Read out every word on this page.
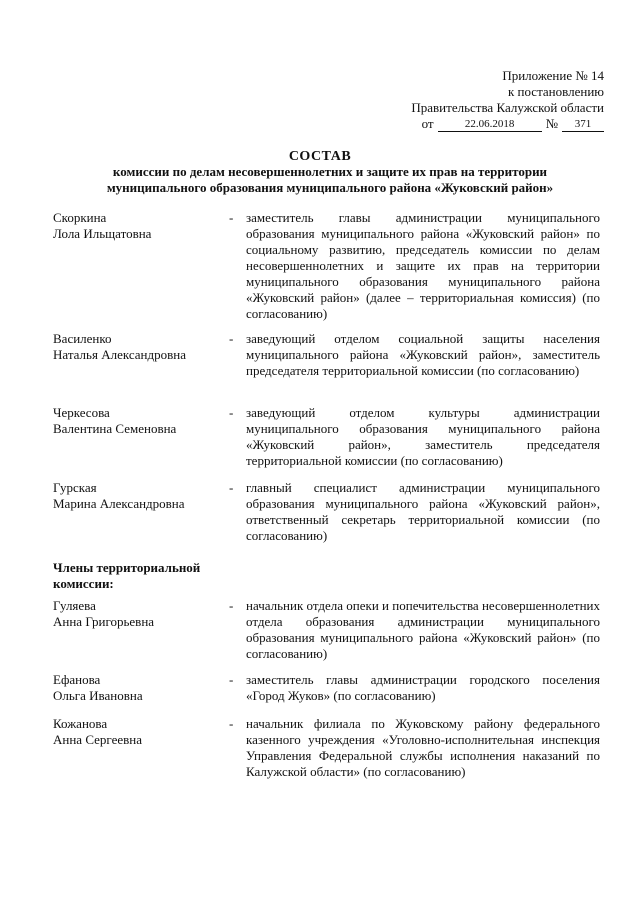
Приложение № 14
к постановлению
Правительства Калужской области
от	22.06.2018	№	371
СОСТАВ
комиссии по делам несовершеннолетних и защите их прав на территории
муниципального образования муниципального района «Жуковский район»
Скоркина
Лола Ильщатовна
- заместитель главы администрации муниципального образования муниципального района «Жуковский район» по социальному развитию, председатель комиссии по делам несовершеннолетних и защите их прав на территории муниципального образования муниципального района «Жуковский район» (далее – территориальная комиссия) (по согласованию)
Василенко
Наталья Александровна
- заведующий отделом социальной защиты населения муниципального района «Жуковский район», заместитель председателя территориальной комиссии (по согласованию)
Черкесова
Валентина Семеновна
- заведующий отделом культуры администрации муниципального образования муниципального района «Жуковский район», заместитель председателя территориальной комиссии (по согласованию)
Гурская
Марина Александровна
- главный специалист администрации муниципального образования муниципального района «Жуковский район», ответственный секретарь территориальной комиссии (по согласованию)
Члены территориальной
комиссии:
Гуляева
Анна Григорьевна
- начальник отдела опеки и попечительства несовершеннолетних отдела образования администрации муниципального образования муниципального района «Жуковский район» (по согласованию)
Ефанова
Ольга Ивановна
- заместитель главы администрации городского поселения «Город Жуков» (по согласованию)
Кожанова
Анна Сергеевна
- начальник филиала по Жуковскому району федерального казенного учреждения «Уголовно-исполнительная инспекция Управления Федеральной службы исполнения наказаний по Калужской области» (по согласованию)
